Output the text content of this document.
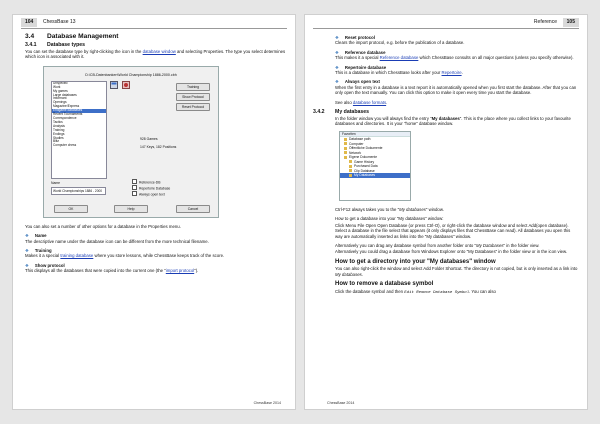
104 ChessBase 13
3.4 Database Management
3.4.1 Database types

You can set the database type by right-clicking the icon in the database window and selecting Properties. The type you select determines which icon is associated with it.

D:\CB-Datenbanken\World Championship 1886-2000.cbh
Unspecific
Work
My games
Large databases
Informant
Openings
Magazine/Express
Endgame databases
Recent Tournaments
Correspondence
Tactics
Analysis
Training
Endings
Studies
Blitz
Computer chess
Training
Show Protocol
Reset Protocol
928 Games
147 Keys, 182 Positions
Name
World Championships 1886 - 2000
Reference-DB
Repertoire Database
Always open text
OK	Help	Cancel

You can also set a number of other options for a database in the Properties menu.

❖ Name

The descriptive name under the database icon can be different from the more technical filename.

❖ Training

Makes it a special training database where you store lessons, while ChessBase keeps track of the score.

❖ Show protocol

This displays all the databases that were copied into the current one (the "import protocol").

ChessBase 2014
Reference	105
❖ Reset protocol

Clears the import protocol, e.g. before the publication of a database.

❖ Reference database

This makes it a special Reference database which ChessBase consults on all major questions (unless you specify otherwise).

❖ Repertoire database

This is a database in which ChessBase looks after your Repertoire.

❖ Always open text

When the first entry in a database is a text report it is automatically opened when you first start the database. After that you can only open the text manually. You can click this option to make it open every time you start the database.

See also database formats.

3.4.2 My databases

In the folder window you will always find the entry "My databases". This is the place where you collect links to your favourite databases and directories. It is your "home" database window.

Favoriten
Database path
Computer
Öffentliche Dokumente
Network
Eigene Dokumente
Game History
Purchased Data
Clip Database
My Databases

Ctrl-F12 always takes you to the "My databases" window.

How to get a database into your "My databases" window:

Click Menu File Open Open Database (or press Ctrl-O), or right-click the database window and select Add(open database). Select a database in the file select that appears (it only displays files that ChessBase can read). All databases you open this way are automatically inserted as links into the "My databases" window.

Alternatively you can drag any database symbol from another folder onto "My Databases" in the folder view.

Alternatively you could drag a database from Windows Explorer onto "My Databases" in the folder view or in the icon view.

How to get a directory into your "My databases" window

You can also right-click the window and select Add Folder Shortcut. The directory is not copied, but is only inserted as a link into My databases.

How to remove a database symbol

Click the database symbol and then Edit Remove Database Symbol. You can also

ChessBase 2014
